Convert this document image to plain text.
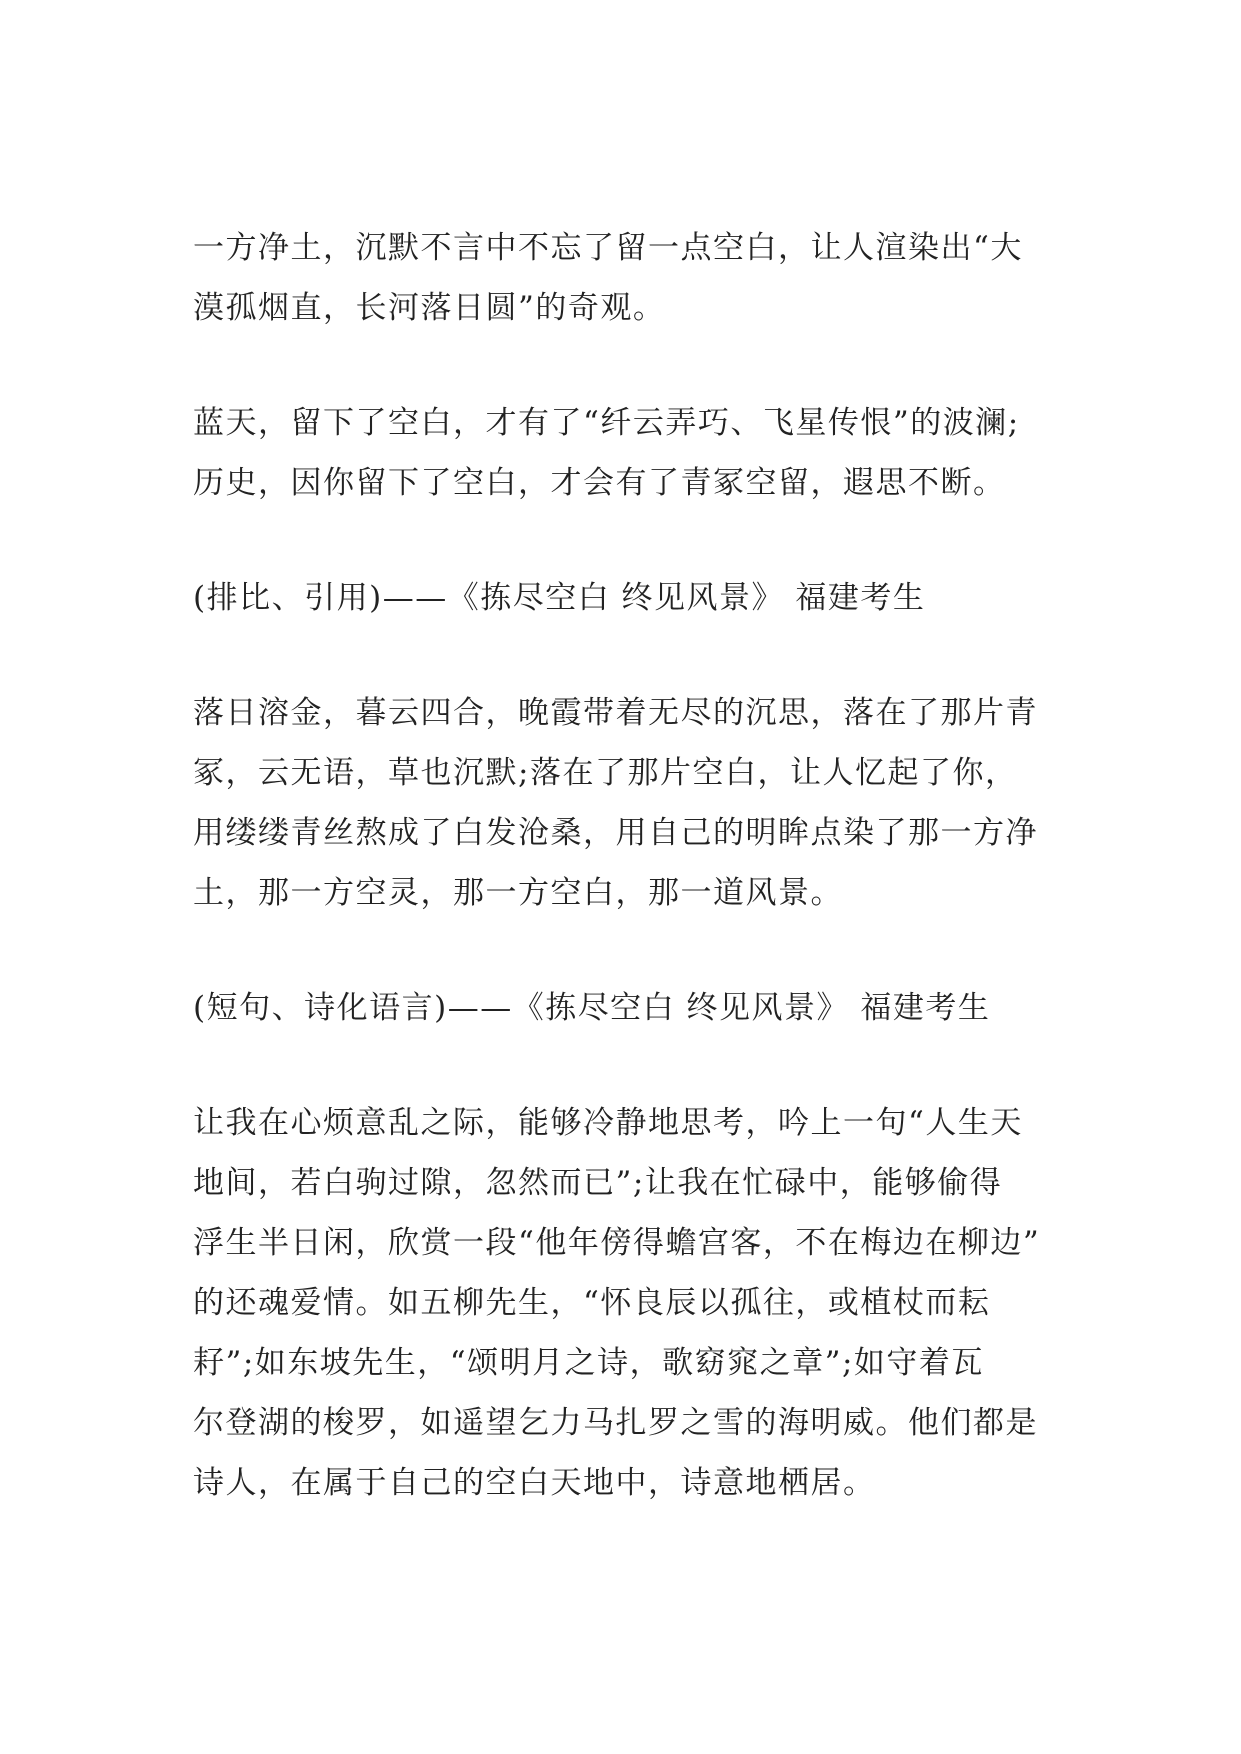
一方净土，沉默不言中不忘了留一点空白，让人渲染出“大
漠孤烟直，长河落日圆”的奇观。
蓝天，留下了空白，才有了“纤云弄巧、飞星传恨”的波澜;
历史，因你留下了空白，才会有了青冢空留，遐思不断。
(排比、引用)——《拣尽空白 终见风景》 福建考生
落日溶金，暮云四合，晚霞带着无尽的沉思，落在了那片青
冢，云无语，草也沉默;落在了那片空白，让人忆起了你，
用缕缕青丝熬成了白发沧桑，用自己的明眸点染了那一方净
土，那一方空灵，那一方空白，那一道风景。
(短句、诗化语言)——《拣尽空白 终见风景》 福建考生
让我在心烦意乱之际，能够冷静地思考，吟上一句“人生天
地间，若白驹过隙，忽然而已”;让我在忙碌中，能够偷得
浮生半日闲，欣赏一段“他年傍得蟾宫客，不在梅边在柳边”
的还魂爱情。如五柳先生，“怀良辰以孤往，或植杖而耘
耔”;如东坡先生，“颂明月之诗，歌窈窕之章”;如守着瓦
尔登湖的梭罗，如遥望乞力马扎罗之雪的海明威。他们都是
诗人，在属于自己的空白天地中，诗意地栖居。
